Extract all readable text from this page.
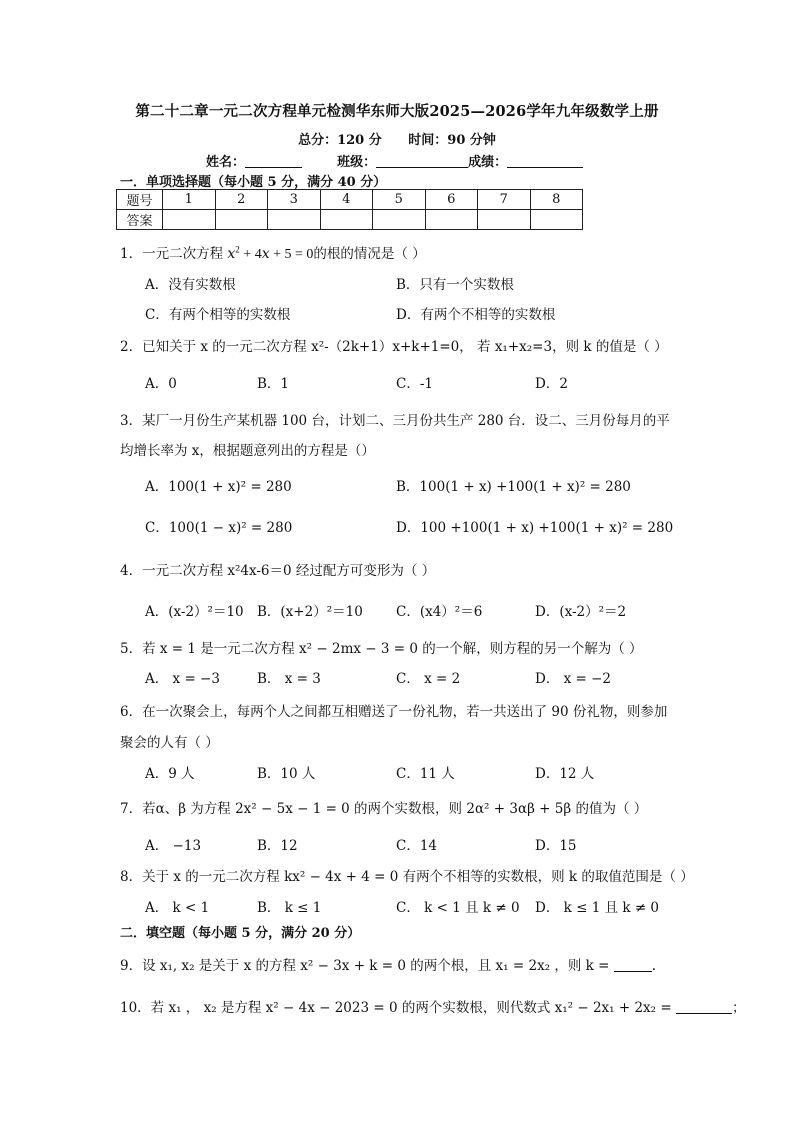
第二十二章一元二次方程单元检测华东师大版2025—2026学年九年级数学上册
总分：120 分 时间：90 分钟
姓名：	班级：	成绩：
一．单项选择题（每小题 5 分，满分 40 分）
题号	1	2	3	4	5	6	7	8
答案								
1．一元二次方程 $x^2 + 4x + 5 = 0$的根的情况是（ ）
A．没有实数根	B．只有一个实数根
C．有两个相等的实数根	D．有两个不相等的实数根
2．已知关于 x 的一元二次方程 x²-（2k+1）x+k+1=0， 若 x₁+x₂=3，则 k 的值是（ ）
A．0	B．1	C．-1	D．2
3．某厂一月份生产某机器 100 台，计划二、三月份共生产 280 台．设二、三月份每月的平
均增长率为 x，根据题意列出的方程是（）
A．100(1 + x)² = 280	B．100(1 + x) +100(1 + x)² = 280
C．100(1 − x)² = 280	D．100 +100(1 + x) +100(1 + x)² = 280
4．一元二次方程 x²4x-6＝0 经过配方可变形为（ ）
A．(x-2）²＝10 B．(x+2）²＝10 C．(x4）²＝6	D．(x-2）²＝2
5．若 x = 1 是一元二次方程 x² − 2mx − 3 = 0 的一个解，则方程的另一个解为（ ）
A． x = −3	B． x = 3	C． x = 2	D． x = −2
6．在一次聚会上，每两个人之间都互相赠送了一份礼物，若一共送出了 90 份礼物，则参加
聚会的人有（ ）
A．9 人	B．10 人	C．11 人	D．12 人
7．若α、β 为方程 2x² − 5x − 1 = 0 的两个实数根，则 2α² + 3αβ + 5β 的值为（ ）
A． −13	B．12	C．14	D．15
8．关于 x 的一元二次方程 kx² − 4x + 4 = 0 有两个不相等的实数根，则 k 的取值范围是（ ）
A． k < 1	B． k ≤ 1	C． k < 1 且 k ≠ 0 D． k ≤ 1 且 k ≠ 0
二．填空题（每小题 5 分，满分 20 分）
9．设 x₁, x₂ 是关于 x 的方程 x² − 3x + k = 0 的两个根，且 x₁ = 2x₂ ，则 k =	.
10．若 x₁ ， x₂ 是方程 x² − 4x − 2023 = 0 的两个实数根，则代数式 x₁² − 2x₁ + 2x₂ =	；
